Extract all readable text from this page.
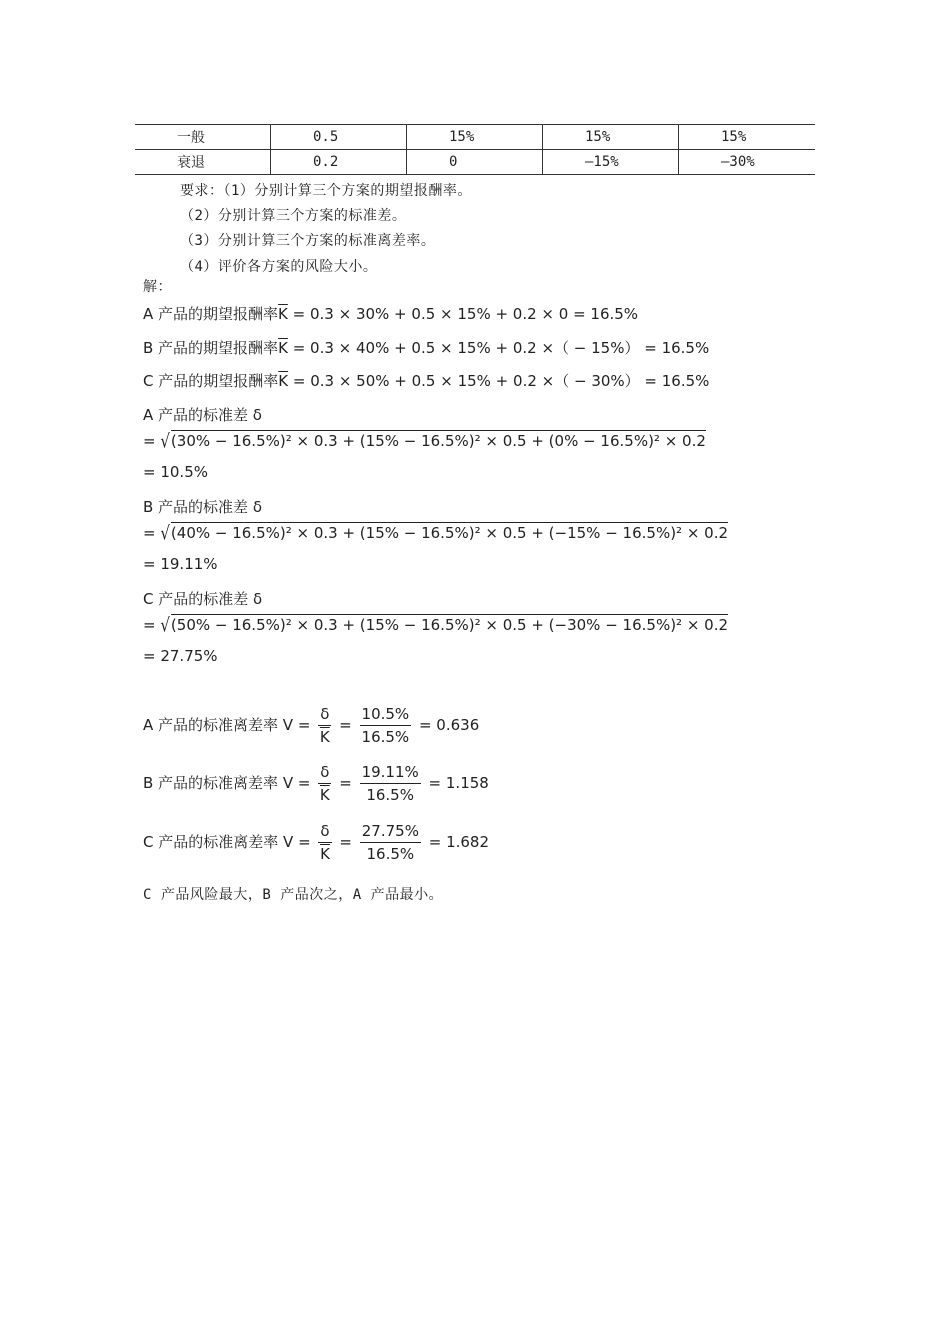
一般	0.5	15%	15%	15%
衰退	0.2	0	—15%	—30%
要求：（1）分别计算三个方案的期望报酬率。
（2）分别计算三个方案的标准差。
（3）分别计算三个方案的标准离差率。
（4）评价各方案的风险大小。
解：
A 产品的期望报酬率$\overline{K} = 0.3 \times 30\% + 0.5 \times 15\% + 0.2 \times 0 = 16.5\%$
B 产品的期望报酬率$\overline{K} = 0.3 \times 40\% + 0.5 \times 15\% + 0.2$ ×（ − 15%） = 16.5%
C 产品的期望报酬率$\overline{K} = 0.3 \times 50\% + 0.5 \times 15\% + 0.2$ ×（ − 30%） = 16.5%
A 产品的标准差 δ
= √(30% − 16.5%)² × 0.3 + (15% − 16.5%)² × 0.5 + (0% − 16.5%)² × 0.2
= 10.5%
B 产品的标准差 δ
= √(40% − 16.5%)² × 0.3 + (15% − 16.5%)² × 0.5 + (−15% − 16.5%)² × 0.2
= 19.11%
C 产品的标准差 δ
= √(50% − 16.5%)² × 0.3 + (15% − 16.5%)² × 0.5 + (−30% − 16.5%)² × 0.2
= 27.75%
A 产品的标准离差率 $V = \frac{\delta}{K} = \frac{10.5\%}{16.5\%} = 0.636$
B 产品的标准离差率 $V = \frac{\delta}{K} = \frac{19.11\%}{16.5\%} = 1.158$
C 产品的标准离差率 $V = \frac{\delta}{K} = \frac{27.75\%}{16.5\%} = 1.682$
C 产品风险最大，B 产品次之，A 产品最小。
